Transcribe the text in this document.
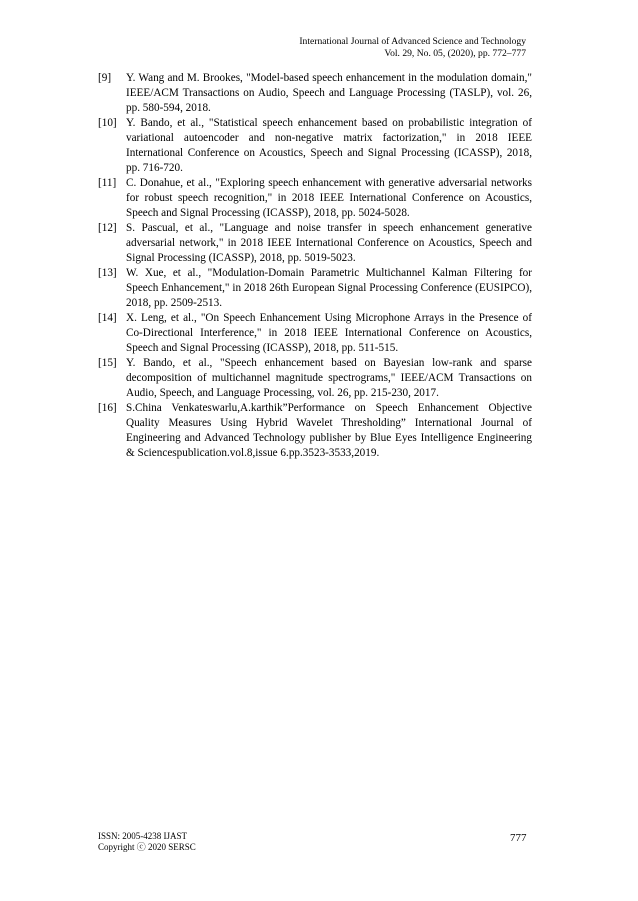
International Journal of Advanced Science and Technology
Vol. 29, No. 05, (2020), pp. 772–777
[9]	Y. Wang and M. Brookes, "Model-based speech enhancement in the modulation domain," IEEE/ACM Transactions on Audio, Speech and Language Processing (TASLP), vol. 26, pp. 580-594, 2018.
[10] Y. Bando, et al., "Statistical speech enhancement based on probabilistic integration of variational autoencoder and non-negative matrix factorization," in 2018 IEEE International Conference on Acoustics, Speech and Signal Processing (ICASSP), 2018, pp. 716-720.
[11] C. Donahue, et al., "Exploring speech enhancement with generative adversarial networks for robust speech recognition," in 2018 IEEE International Conference on Acoustics, Speech and Signal Processing (ICASSP), 2018, pp. 5024-5028.
[12] S. Pascual, et al., "Language and noise transfer in speech enhancement generative adversarial network," in 2018 IEEE International Conference on Acoustics, Speech and Signal Processing (ICASSP), 2018, pp. 5019-5023.
[13] W. Xue, et al., "Modulation-Domain Parametric Multichannel Kalman Filtering for Speech Enhancement," in 2018 26th European Signal Processing Conference (EUSIPCO), 2018, pp. 2509-2513.
[14] X. Leng, et al., "On Speech Enhancement Using Microphone Arrays in the Presence of Co-Directional Interference," in 2018 IEEE International Conference on Acoustics, Speech and Signal Processing (ICASSP), 2018, pp. 511-515.
[15] Y. Bando, et al., "Speech enhancement based on Bayesian low-rank and sparse decomposition of multichannel magnitude spectrograms," IEEE/ACM Transactions on Audio, Speech, and Language Processing, vol. 26, pp. 215-230, 2017.
[16] S.China Venkateswarlu,A.karthik”Performance on Speech Enhancement Objective Quality Measures Using Hybrid Wavelet Thresholding” International Journal of Engineering and Advanced Technology publisher by Blue Eyes Intelligence Engineering & Sciencespublication.vol.8,issue 6.pp.3523-3533,2019.
ISSN: 2005-4238 IJAST
Copyright ⓒ 2020 SERSC
777
